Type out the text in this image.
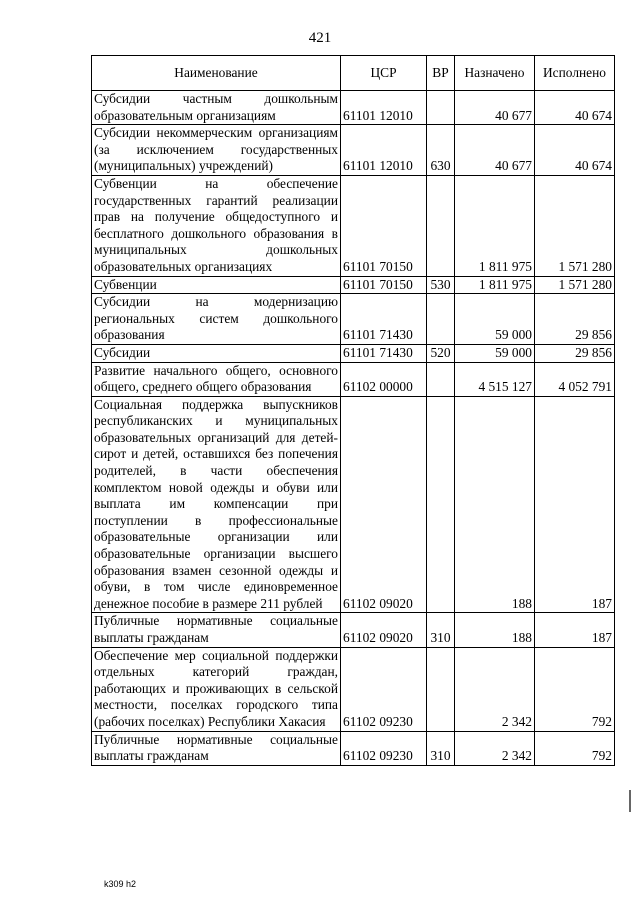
421
Наименование	ЦСР	ВР	Назначено	Исполнено
Субсидии частным дошкольным образовательным организациям	61101 12010		40 677	40 674
Субсидии некоммерческим организациям (за исключением государственных (муниципальных) учреждений)	61101 12010	630	40 677	40 674
Субвенции на обеспечение государственных гарантий реализации прав на получение общедоступного и бесплатного дошкольного образования в муниципальных дошкольных образовательных организациях	61101 70150		1 811 975	1 571 280
Субвенции	61101 70150	530	1 811 975	1 571 280
Субсидии на модернизацию региональных систем дошкольного образования	61101 71430		59 000	29 856
Субсидии	61101 71430	520	59 000	29 856
Развитие начального общего, основного общего, среднего общего образования	61102 00000		4 515 127	4 052 791
Социальная поддержка выпускников республиканских и муниципальных образовательных организаций для детей-сирот и детей, оставшихся без попечения родителей, в части обеспечения комплектом новой одежды и обуви или выплата им компенсации при поступлении в профессиональные образовательные организации или образовательные организации высшего образования взамен сезонной одежды и обуви, в том числе единовременное денежное пособие в размере 211 рублей	61102 09020		188	187
Публичные нормативные социальные выплаты гражданам	61102 09020	310	188	187
Обеспечение мер социальной поддержки отдельных категорий граждан, работающих и проживающих в сельской местности, поселках городского типа (рабочих поселках) Республики Хакасия	61102 09230		2 342	792
Публичные нормативные социальные выплаты гражданам	61102 09230	310	2 342	792
k309 h2
